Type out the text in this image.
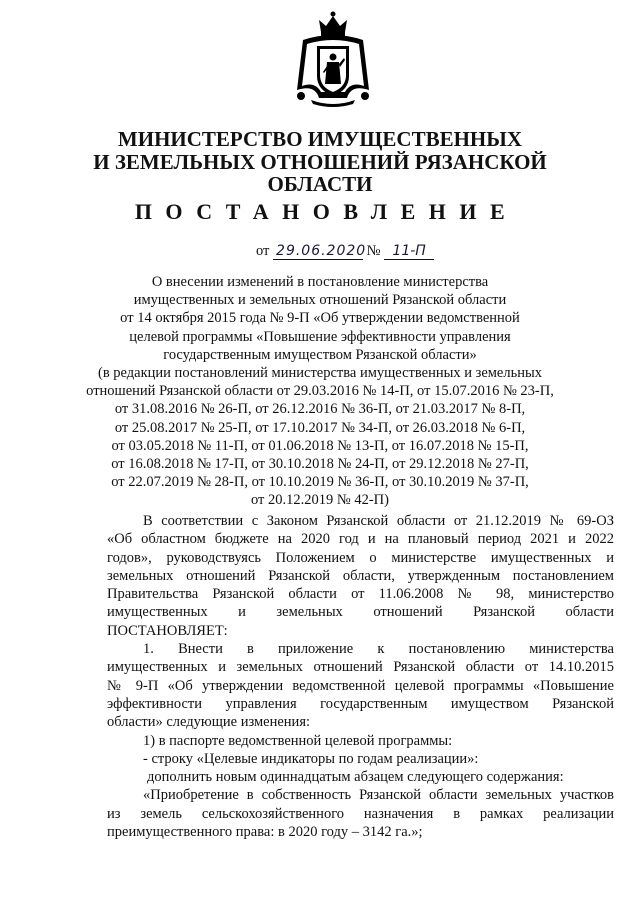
МИНИСТЕРСТВО ИМУЩЕСТВЕННЫХ
И ЗЕМЕЛЬНЫХ ОТНОШЕНИЙ РЯЗАНСКОЙ ОБЛАСТИ
ПОСТАНОВЛЕНИЕ
от 29.06.2020 № 11-П
О внесении изменений в постановление министерства
имущественных и земельных отношений Рязанской области
от 14 октября 2015 года № 9-П «Об утверждении ведомственной
целевой программы «Повышение эффективности управления
государственным имуществом Рязанской области»
(в редакции постановлений министерства имущественных и земельных
отношений Рязанской области от 29.03.2016 № 14-П, от 15.07.2016 № 23-П,
от 31.08.2016 № 26-П, от 26.12.2016 № 36-П, от 21.03.2017 № 8-П,
от 25.08.2017 № 25-П, от 17.10.2017 № 34-П, от 26.03.2018 № 6-П,
от 03.05.2018 № 11-П, от 01.06.2018 № 13-П, от 16.07.2018 № 15-П,
от 16.08.2018 № 17-П, от 30.10.2018 № 24-П, от 29.12.2018 № 27-П,
от 22.07.2019 № 28-П, от 10.10.2019 № 36-П, от 30.10.2019 № 37-П,
от 20.12.2019 № 42-П)
В соответствии с Законом Рязанской области от 21.12.2019 № 69-ОЗ
«Об областном бюджете на 2020 год и на плановый период 2021 и 2022
годов», руководствуясь Положением о министерстве имущественных и
земельных отношений Рязанской области, утвержденным постановлением
Правительства Рязанской области от 11.06.2008 № 98, министерство
имущественных и земельных отношений Рязанской области
ПОСТАНОВЛЯЕТ:
1. Внести в приложение к постановлению министерства
имущественных и земельных отношений Рязанской области от 14.10.2015
№ 9-П «Об утверждении ведомственной целевой программы «Повышение
эффективности управления государственным имуществом Рязанской
области» следующие изменения:
1) в паспорте ведомственной целевой программы:
- строку «Целевые индикаторы по годам реализации»:
дополнить новым одиннадцатым абзацем следующего содержания:
«Приобретение в собственность Рязанской области земельных участков
из земель сельскохозяйственного назначения в рамках реализации
преимущественного права: в 2020 году – 3142 га.»;
